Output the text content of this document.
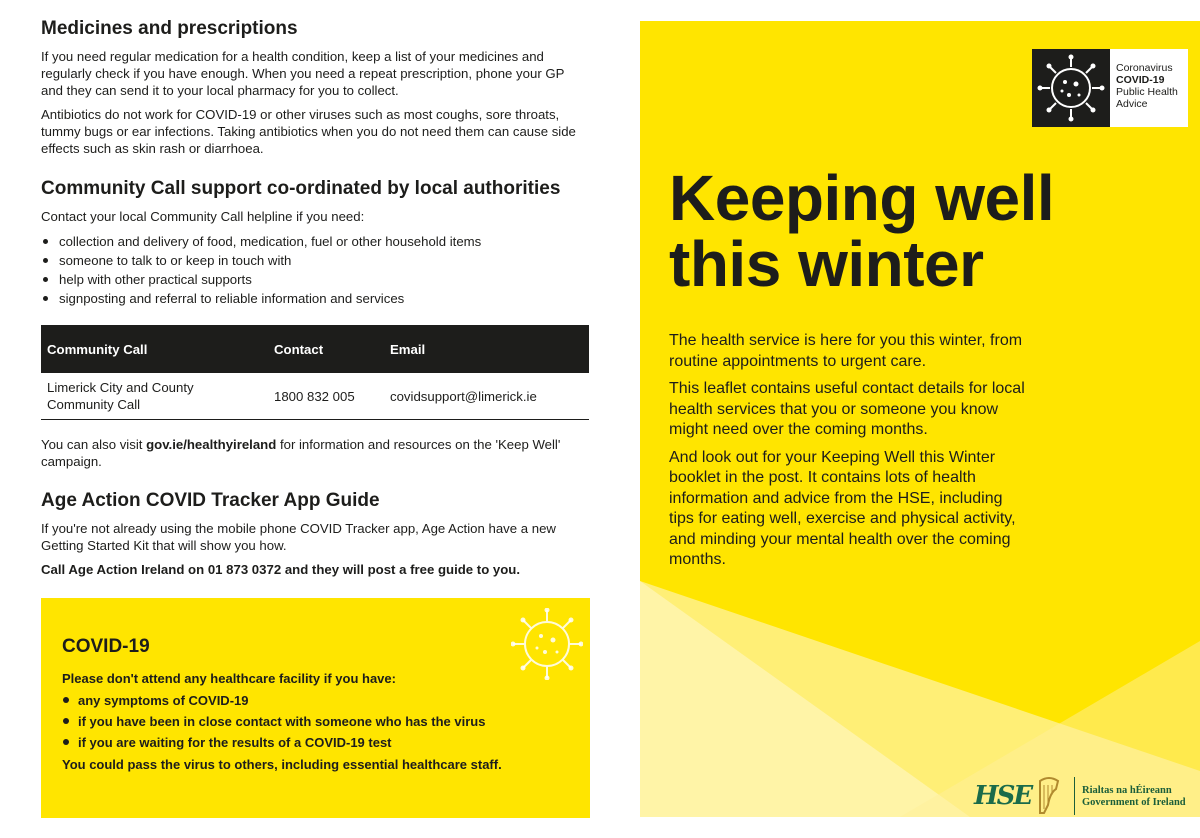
Medicines and prescriptions

If you need regular medication for a health condition, keep a list of your medicines and regularly check if you have enough. When you need a repeat prescription, phone your GP and they can send it to your local pharmacy for you to collect.

Antibiotics do not work for COVID-19 or other viruses such as most coughs, sore throats, tummy bugs or ear infections. Taking antibiotics when you do not need them can cause side effects such as skin rash or diarrhoea.

Community Call support co-ordinated by local authorities

Contact your local Community Call helpline if you need:

collection and delivery of food, medication, fuel or other household items
someone to talk to or keep in touch with
help with other practical supports
signposting and referral to reliable information and services
Community Call	Contact	Email
Limerick City and County Community Call	1800 832 005	covidsupport@limerick.ie

You can also visit gov.ie/healthyireland for information and resources on the 'Keep Well' campaign.

Age Action COVID Tracker App Guide

If you're not already using the mobile phone COVID Tracker app, Age Action have a new Getting Started Kit that will show you how.

Call Age Action Ireland on 01 873 0372 and they will post a free guide to you.

COVID-19

Please don't attend any healthcare facility if you have:

any symptoms of COVID-19
if you have been in close contact with someone who has the virus
if you are waiting for the results of a COVID-19 test

You could pass the virus to others, including essential healthcare staff.

Coronavirus
COVID-19
Public Health
Advice
Keeping well
this winter

The health service is here for you this winter, from routine appointments to urgent care.

This leaflet contains useful contact details for local health services that you or someone you know might need over the coming months.

And look out for your Keeping Well this Winter booklet in the post. It contains lots of health information and advice from the HSE, including tips for eating well, exercise and physical activity, and minding your mental health over the coming months.

HSE	Rialtas na hÉireann
Government of Ireland
